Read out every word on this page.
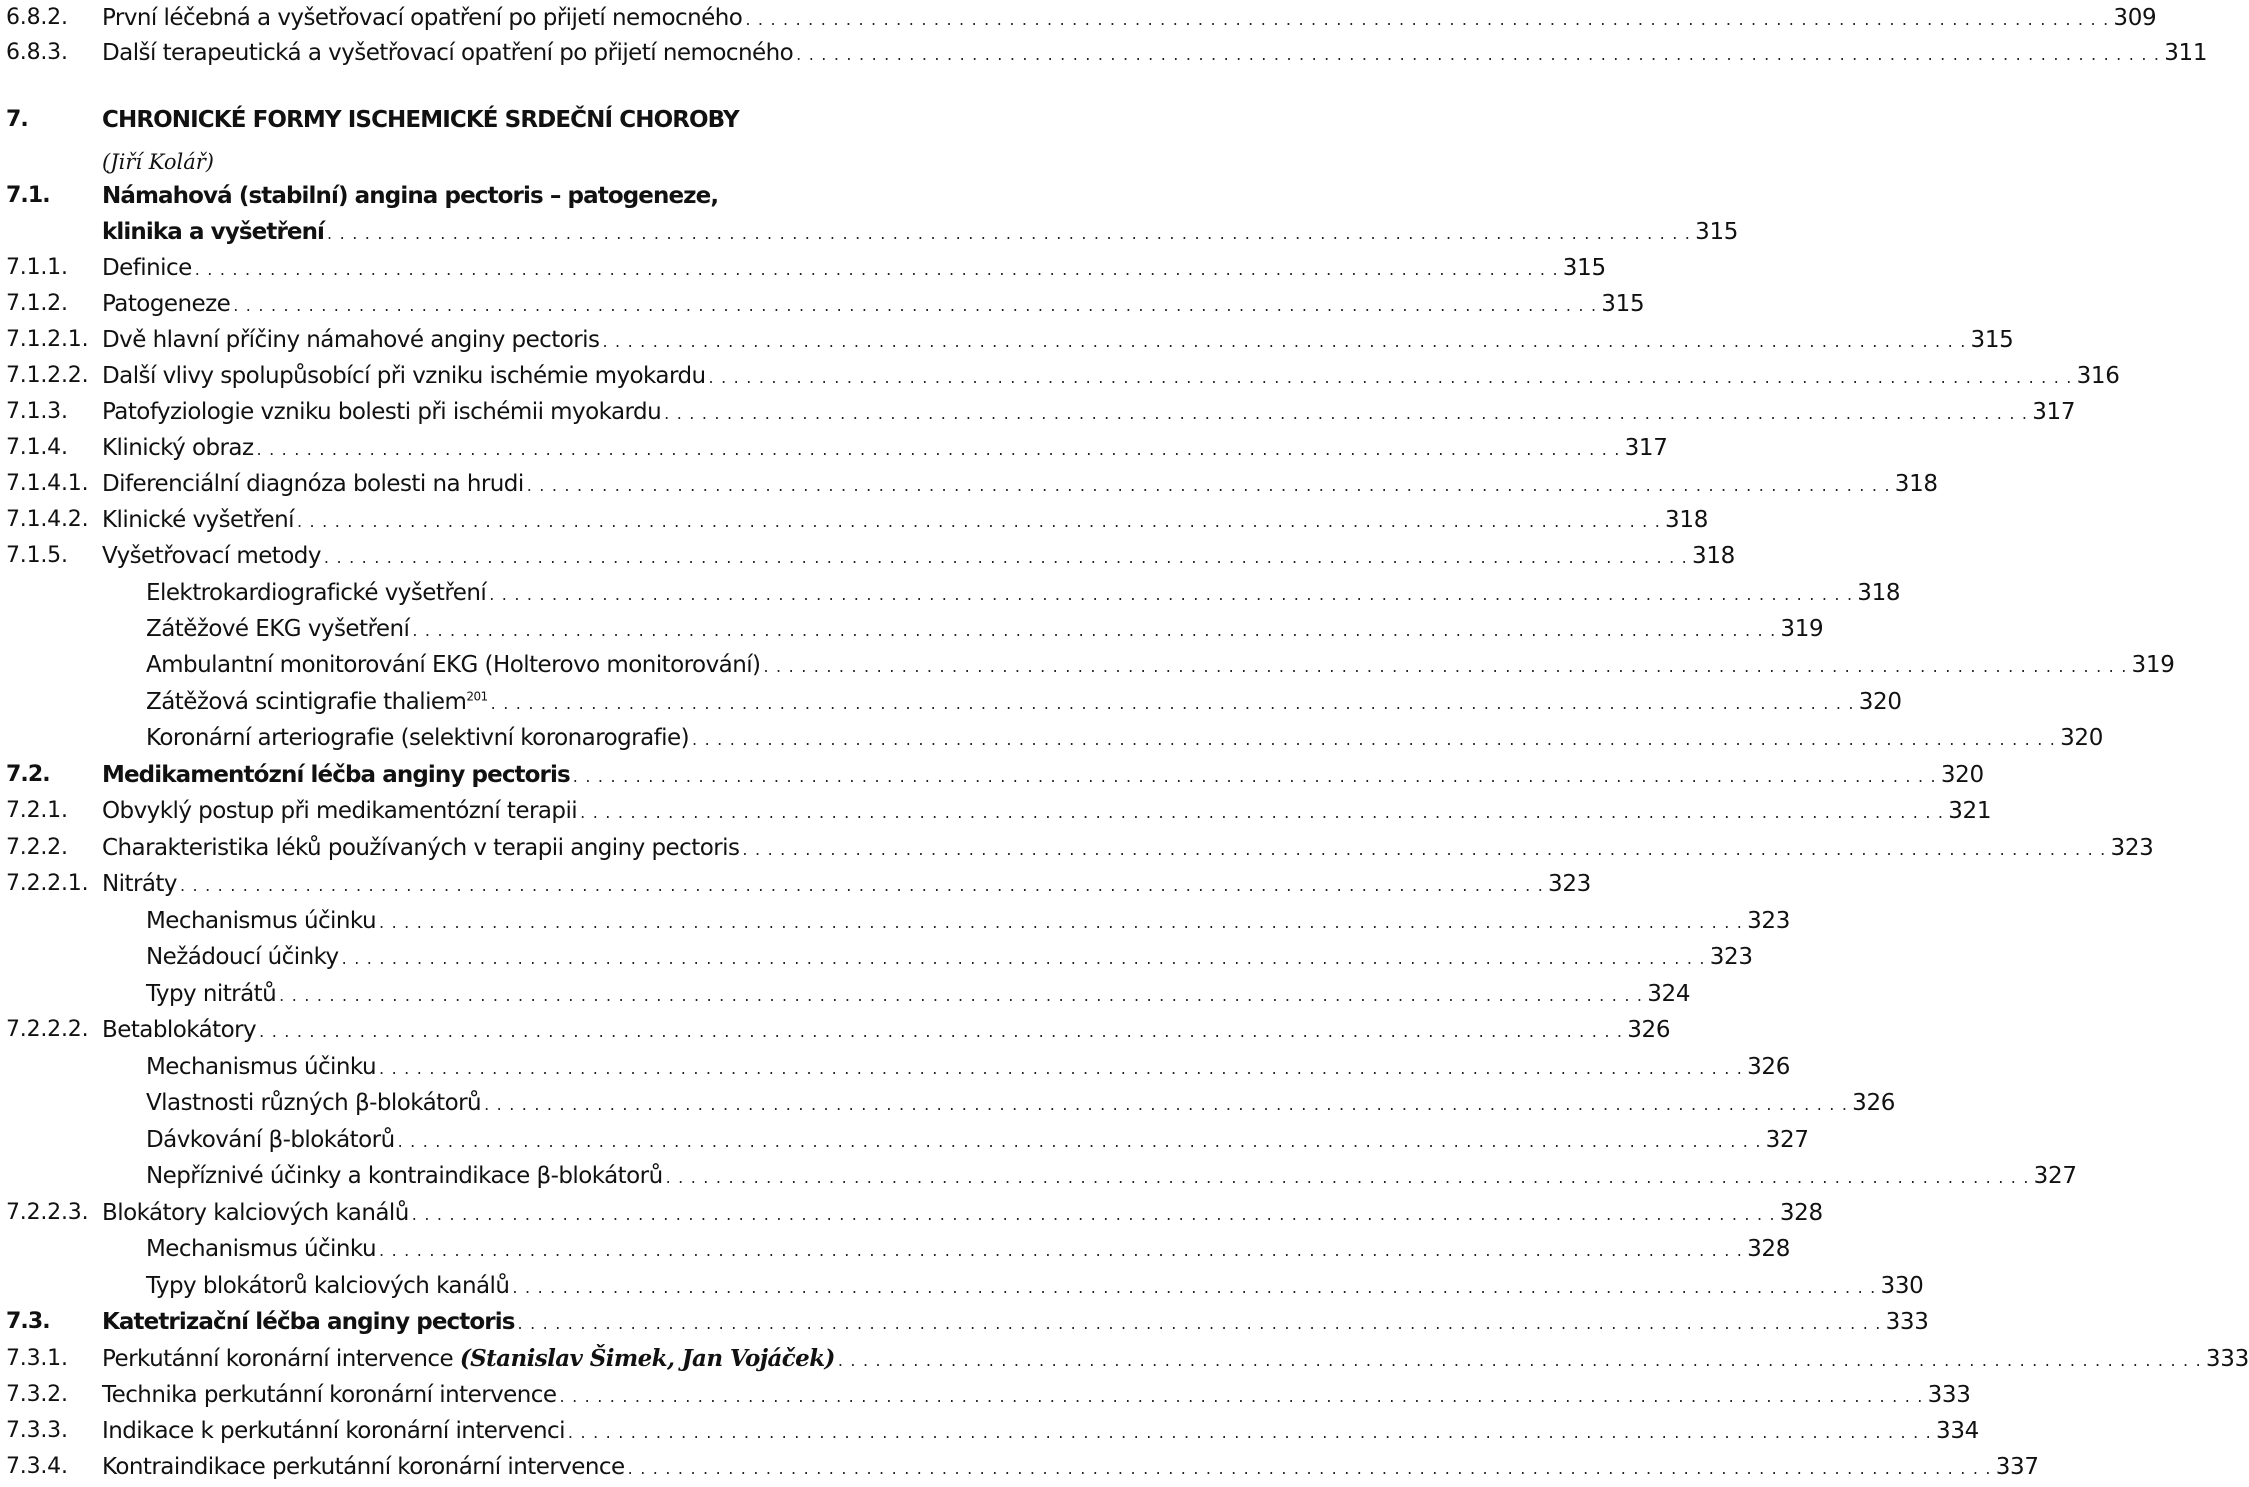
6.8.2. První léčebná a vyšetřovací opatření po přijetí nemocného . . .	309
6.8.3. Další terapeutická a vyšetřovací opatření po přijetí nemocného . . .	311
7.	CHRONICKÉ FORMY ISCHEMICKÉ SRDEČNÍ CHOROBY
(Jiří Kolář)
7.1. Námahová (stabilní) angina pectoris – patogeneze,
klinika a vyšetření . . .	315
7.1.1. Definice . . .	315
7.1.2. Patogeneze . . .	315
7.1.2.1. Dvě hlavní příčiny námahové anginy pectoris . . .	315
7.1.2.2. Další vlivy spolupůsobící při vzniku ischémie myokardu . . .	316
7.1.3. Patofyziologie vzniku bolesti při ischémii myokardu . . .	317
7.1.4. Klinický obraz . . .	317
7.1.4.1. Diferenciální diagnóza bolesti na hrudi . . .	318
7.1.4.2. Klinické vyšetření . . .	318
7.1.5. Vyšetřovací metody . . .	318
Elektrokardiografické vyšetření . . .	318
Zátěžové EKG vyšetření . . .	319
Ambulantní monitorování EKG (Holterovo monitorování) . . .	319
Zátěžová scintigrafie thaliem$^{201}$ . . .	320
Koronární arteriografie (selektivní koronarografie) . . .	320
7.2. Medikamentózní léčba anginy pectoris . . .	320
7.2.1. Obvyklý postup při medikamentózní terapii . . .	321
7.2.2. Charakteristika léků používaných v terapii anginy pectoris . . .	323
7.2.2.1. Nitráty . . .	323
Mechanismus účinku . . .	323
Nežádoucí účinky . . .	323
Typy nitrátů . . .	324
7.2.2.2. Betablokátory . . .	326
Mechanismus účinku . . .	326
Vlastnosti různých β-blokátorů . . .	326
Dávkování β-blokátorů . . .	327
Nepříznivé účinky a kontraindikace β-blokátorů . . .	327
7.2.2.3. Blokátory kalciových kanálů . . .	328
Mechanismus účinku . . .	328
Typy blokátorů kalciových kanálů . . .	330
7.3. Katetrizační léčba anginy pectoris . . .	333
7.3.1. Perkutánní koronární intervence (Stanislav Šimek, Jan Vojáček) . . .	333
7.3.2. Technika perkutánní koronární intervence . . .	333
7.3.3. Indikace k perkutánní koronární intervenci . . .	334
7.3.4. Kontraindikace perkutánní koronární intervence . . .	337
